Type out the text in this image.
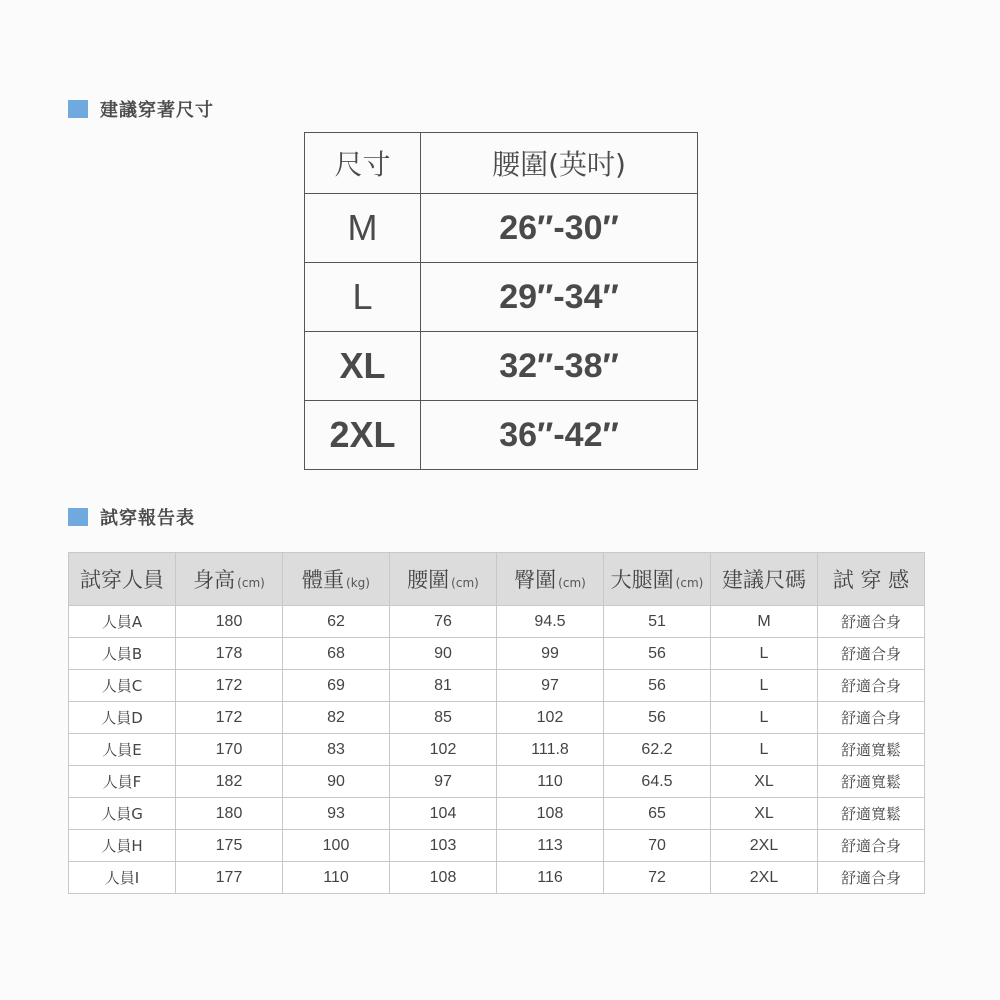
建議穿著尺寸
尺寸	腰圍(英吋)
M	26″-30″
L	29″-34″
XL	32″-38″
2XL	36″-42″
試穿報告表
試穿人員	身高 (cm)	體重 (kg)	腰圍 (cm)	臀圍 (cm)	大腿圍 (cm)	建議尺碼	試 穿 感
人員A	180	62	76	94.5	51	M	舒適合身
人員B	178	68	90	99	56	L	舒適合身
人員C	172	69	81	97	56	L	舒適合身
人員D	172	82	85	102	56	L	舒適合身
人員E	170	83	102	111.8	62.2	L	舒適寬鬆
人員F	182	90	97	110	64.5	XL	舒適寬鬆
人員G	180	93	104	108	65	XL	舒適寬鬆
人員H	175	100	103	113	70	2XL	舒適合身
人員I	177	110	108	116	72	2XL	舒適合身
